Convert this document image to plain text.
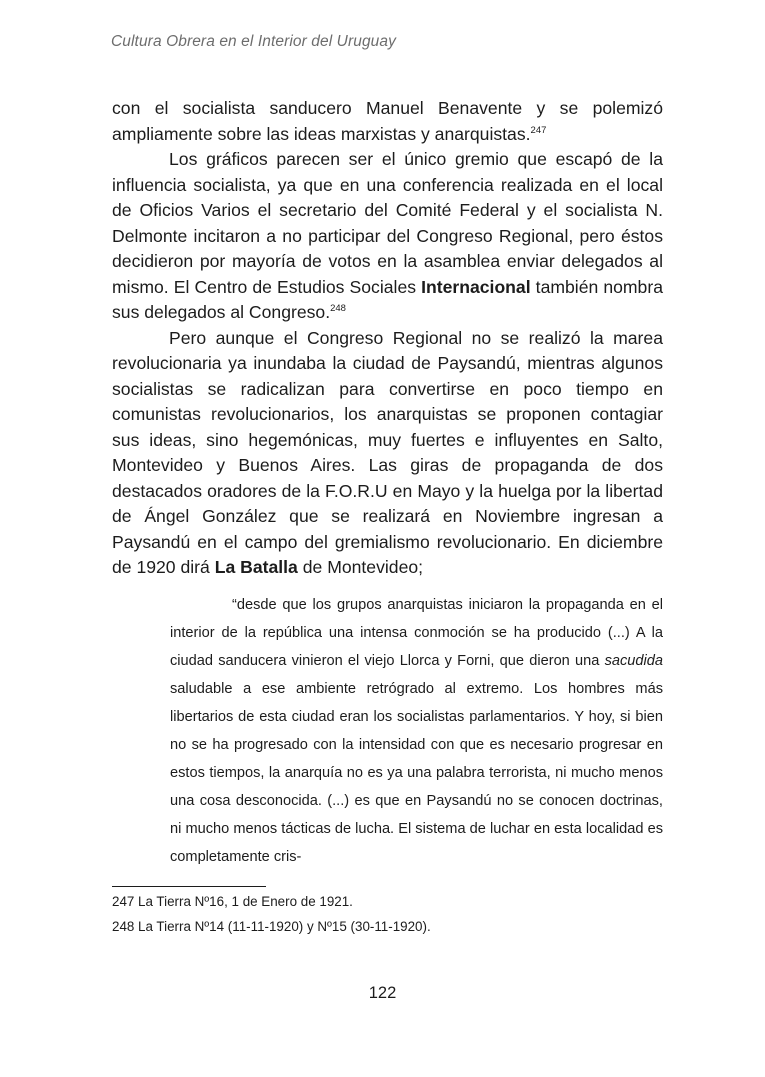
Cultura Obrera en el Interior del Uruguay

con el socialista sanducero Manuel Benavente y se polemizó ampliamente sobre las ideas marxistas y anarquistas.$^{247}$

Los gráficos parecen ser el único gremio que escapó de la influencia socialista, ya que en una conferencia realizada en el local de Oficios Varios el secretario del Comité Federal y el socialista N. Delmonte incitaron a no participar del Congreso Regional, pero éstos decidieron por mayoría de votos en la asamblea enviar delegados al mismo. El Centro de Estudios Sociales Internacional también nombra sus delegados al Congreso.$^{248}$

Pero aunque el Congreso Regional no se realizó la marea revolucionaria ya inundaba la ciudad de Paysandú, mientras algunos socialistas se radicalizan para convertirse en poco tiempo en comunistas revolucionarios, los anarquistas se proponen contagiar sus ideas, sino hegemónicas, muy fuertes e influyentes en Salto, Montevideo y Buenos Aires. Las giras de propaganda de dos destacados oradores de la F.O.R.U en Mayo y la huelga por la libertad de Ángel González que se realizará en Noviembre ingresan a Paysandú en el campo del gremialismo revolucionario. En diciembre de 1920 dirá La Batalla de Montevideo;

“desde que los grupos anarquistas iniciaron la propaganda en el interior de la república una intensa conmoción se ha producido (...) A la ciudad sanducera vinieron el viejo Llorca y Forni, que dieron una sacudida saludable a ese ambiente retrógrado al extremo. Los hombres más libertarios de esta ciudad eran los socialistas parlamentarios. Y hoy, si bien no se ha progresado con la intensidad con que es necesario progresar en estos tiempos, la anarquía no es ya una palabra terrorista, ni mucho menos una cosa desconocida. (...) es que en Paysandú no se conocen doctrinas, ni mucho menos tácticas de lucha. El sistema de luchar en esta localidad es completamente cris-

247 La Tierra Nº16, 1 de Enero de 1921.

248 La Tierra Nº14 (11-11-1920) y Nº15 (30-11-1920).

122
